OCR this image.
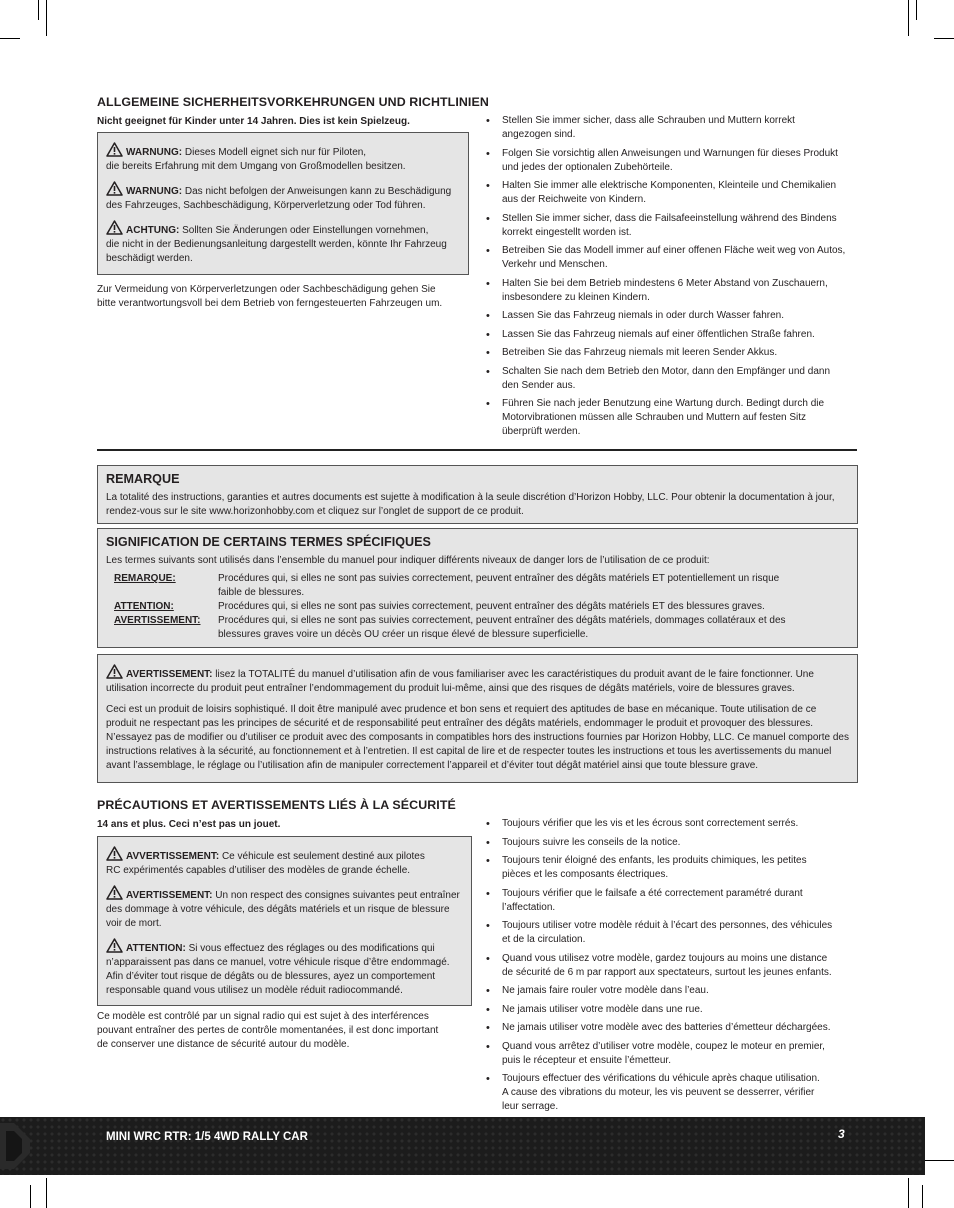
ALLGEMEINE SICHERHEITSVORKEHRUNGEN UND RICHTLINIEN
Nicht geeignet für Kinder unter 14 Jahren. Dies ist kein Spielzeug.

WARNUNG: Dieses Modell eignet sich nur für Piloten,
die bereits Erfahrung mit dem Umgang von Großmodellen besitzen.

WARNUNG: Das nicht befolgen der Anweisungen kann zu Beschädigung des Fahrzeuges, Sachbeschädigung, Körperverletzung oder Tod führen.

ACHTUNG: Sollten Sie Änderungen oder Einstellungen vornehmen,
die nicht in der Bedienungsanleitung dargestellt werden, könnte Ihr Fahrzeug beschädigt werden.

Zur Vermeidung von Körperverletzungen oder Sachbeschädigung gehen Sie
bitte verantwortungsvoll bei dem Betrieb von ferngesteuerten Fahrzeugen um.
• Stellen Sie immer sicher, dass alle Schrauben und Muttern korrekt
angezogen sind.
• Folgen Sie vorsichtig allen Anweisungen und Warnungen für dieses Produkt
und jedes der optionalen Zubehörteile.
• Halten Sie immer alle elektrische Komponenten, Kleinteile und Chemikalien
aus der Reichweite von Kindern.
• Stellen Sie immer sicher, dass die Failsafeeinstellung während des Bindens
korrekt eingestellt worden ist.
• Betreiben Sie das Modell immer auf einer offenen Fläche weit weg von Autos,
Verkehr und Menschen.
• Halten Sie bei dem Betrieb mindestens 6 Meter Abstand von Zuschauern,
insbesondere zu kleinen Kindern.
• Lassen Sie das Fahrzeug niemals in oder durch Wasser fahren.
• Lassen Sie das Fahrzeug niemals auf einer öffentlichen Straße fahren.
• Betreiben Sie das Fahrzeug niemals mit leeren Sender Akkus.
• Schalten Sie nach dem Betrieb den Motor, dann den Empfänger und dann
den Sender aus.
• Führen Sie nach jeder Benutzung eine Wartung durch. Bedingt durch die
Motorvibrationen müssen alle Schrauben und Muttern auf festen Sitz
überprüft werden.
REMARQUE

La totalité des instructions, garanties et autres documents est sujette à modification à la seule discrétion d’Horizon Hobby, LLC. Pour obtenir la documentation à jour,
rendez-vous sur le site www.horizonhobby.com et cliquez sur l’onglet de support de ce produit.

SIGNIFICATION DE CERTAINS TERMES SPÉCIFIQUES

Les termes suivants sont utilisés dans l’ensemble du manuel pour indiquer différents niveaux de danger lors de l’utilisation de ce produit:

REMARQUE:	Procédures qui, si elles ne sont pas suivies correctement, peuvent entraîner des dégâts matériels ET potentiellement un risque faible de blessures.
ATTENTION:	Procédures qui, si elles ne sont pas suivies correctement, peuvent entraîner des dégâts matériels ET des blessures graves.
AVERTISSEMENT:	Procédures qui, si elles ne sont pas suivies correctement, peuvent entraîner des dégâts matériels, dommages collatéraux et des blessures graves voire un décès OU créer un risque élevé de blessure superficielle.

AVERTISSEMENT: lisez la TOTALITÉ du manuel d’utilisation afin de vous familiariser avec les caractéristiques du produit avant de le faire fonctionner. Une utilisation incorrecte du produit peut entraîner l’endommagement du produit lui-même, ainsi que des risques de dégâts matériels, voire de blessures graves.

Ceci est un produit de loisirs sophistiqué. Il doit être manipulé avec prudence et bon sens et requiert des aptitudes de base en mécanique. Toute utilisation de ce produit ne respectant pas les principes de sécurité et de responsabilité peut entraîner des dégâts matériels, endommager le produit et provoquer des blessures. N’essayez pas de modifier ou d’utiliser ce produit avec des composants in compatibles hors des instructions fournies par Horizon Hobby, LLC. Ce manuel comporte des instructions relatives à la sécurité, au fonctionnement et à l’entretien. Il est capital de lire et de respecter toutes les instructions et tous les avertissements du manuel avant l’assemblage, le réglage ou l’utilisation afin de manipuler correctement l’appareil et d’éviter tout dégât matériel ainsi que toute blessure grave.

PRÉCAUTIONS ET AVERTISSEMENTS LIÉS À LA SÉCURITÉ
14 ans et plus. Ceci n’est pas un jouet.

AVVERTISSEMENT: Ce véhicule est seulement destiné aux pilotes
RC expérimentés capables d’utiliser des modèles de grande échelle.

AVERTISSEMENT: Un non respect des consignes suivantes peut entraîner des dommage à votre véhicule, des dégâts matériels et un risque de blessure voir de mort.

ATTENTION: Si vous effectuez des réglages ou des modifications qui n’apparaissent pas dans ce manuel, votre véhicule risque d’être endommagé. Afin d’éviter tout risque de dégâts ou de blessures, ayez un comportement responsable quand vous utilisez un modèle réduit radiocommandé.

Ce modèle est contrôlé par un signal radio qui est sujet à des interférences
pouvant entraîner des pertes de contrôle momentanées, il est donc important
de conserver une distance de sécurité autour du modèle.
• Toujours vérifier que les vis et les écrous sont correctement serrés.
• Toujours suivre les conseils de la notice.
• Toujours tenir éloigné des enfants, les produits chimiques, les petites
pièces et les composants électriques.
• Toujours vérifier que le failsafe a été correctement paramétré durant
l’affectation.
• Toujours utiliser votre modèle réduit à l’écart des personnes, des véhicules
et de la circulation.
• Quand vous utilisez votre modèle, gardez toujours au moins une distance
de sécurité de 6 m par rapport aux spectateurs, surtout les jeunes enfants.
• Ne jamais faire rouler votre modèle dans l’eau.
• Ne jamais utiliser votre modèle dans une rue.
• Ne jamais utiliser votre modèle avec des batteries d’émetteur déchargées.
• Quand vous arrêtez d’utiliser votre modèle, coupez le moteur en premier,
puis le récepteur et ensuite l’émetteur.
• Toujours effectuer des vérifications du véhicule après chaque utilisation.
A cause des vibrations du moteur, les vis peuvent se desserrer, vérifier
leur serrage.
MINI WRC RTR: 1/5 4WD RALLY CAR	3
